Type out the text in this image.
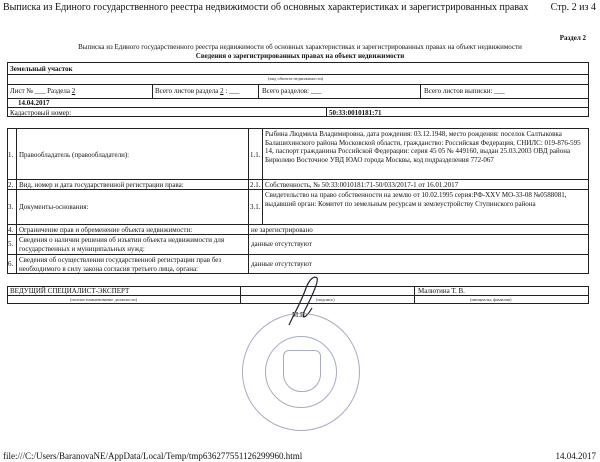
Выписка из Единого государственного реестра недвижимости об основных характеристиках и зарегистрированных правах Стр. 2 из 4
Раздел 2
Выписка из Единого государственного реестра недвижимости об основных характеристиках и зарегистрированных правах на объект недвижимости
Сведения о зарегистрированных правах на объект недвижимости
Земельный участок
(вид объекта недвижимости)
Лист № ___ Раздела 2	Всего листов раздела 2 : ___	Всего разделов: ___	Всего листов выписки: ___
14.04.2017
Кадастровый номер:	50:33:0010181:71
1. Правообладатель (правообладатели):	1.1.
Рыбина Людмила Владимировна, дата рождения: 03.12.1948, место рождения: поселок Салтыковка Балашихинского района Московской области, гражданство: Российская Федерация, СНИЛС: 019-876-595 14, паспорт гражданина Российской Федерации: серия 45 05 № 449160, выдан 25.03.2003 ОВД района Бирюлево Восточное УВД ЮАО города Москвы, код подразделения 772-067
2. Вид, номер и дата государственной регистрации права:	2.1. Собственность, № 50:33:0010181:71-50/033/2017-1 от 16.01.2017
3. Документы-основания:	3.1.
Свидетельство на право собственности на землю от 10.02.1995 серия:РФ-XXV МО-33-08 №0588081, выдавший орган: Комитет по земельным ресурсам и землеустройству Ступинского района
4. Ограничение прав и обременение объекта недвижимости:	не зарегистрировано
5. Сведения о наличии решения об изъятии объекта недвижимости для государственных и муниципальных нужд:
данные отсутствуют
6. Сведения об осуществлении государственной регистрации прав без необходимого в силу закона согласия третьего лица, органа:
данные отсутствуют
ВЕДУЩИЙ СПЕЦИАЛИСТ-ЭКСПЕРТ
(полное наименование должности)	(подпись)
Малютина Т. В.
(инициалы, фамилия)
М.П.
file:///C:/Users/BaranovaNE/AppData/Local/Temp/tmp636277551126299960.html	14.04.2017
